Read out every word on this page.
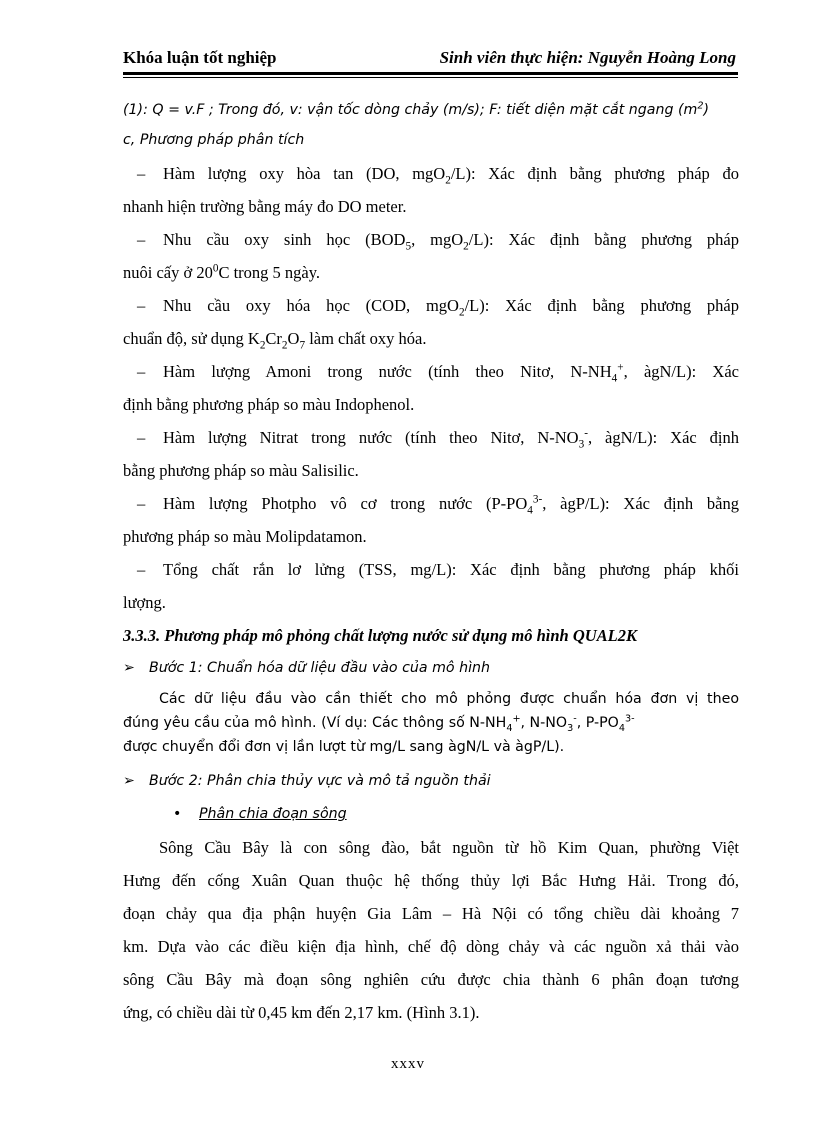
Khóa luận tốt nghiệp	Sinh viên thực hiện: Nguyễn Hoàng Long

(1): Q = v.F ; Trong đó, v: vận tốc dòng chảy (m/s); F: tiết diện mặt cắt ngang $(m^2)$

c, Phương pháp phân tích

– Hàm lượng oxy hòa tan (DO, mgO$_2$/L): Xác định bằng phương pháp đo

nhanh hiện trường bằng máy đo DO meter.

– Nhu cầu oxy sinh học ($BOD_5$, mgO$_2$/L): Xác định bằng phương pháp

nuôi cấy ở $20^0C$ trong 5 ngày.

– Nhu cầu oxy hóa học (COD, mgO$_2$/L): Xác định bằng phương pháp

chuẩn độ, sử dụng $K_2Cr_2O_7$ làm chất oxy hóa.

– Hàm lượng Amoni trong nước (tính theo Nitơ, $N-NH_4^+$, àgN/L): Xác

định bằng phương pháp so màu Indophenol.

– Hàm lượng Nitrat trong nước (tính theo Nitơ, $N-NO_3^-$, àgN/L): Xác định

bằng phương pháp so màu Salisilic.

– Hàm lượng Photpho vô cơ trong nước ($P-PO_4^{3-}$, àgP/L): Xác định bằng

phương pháp so màu Molipdatamon.

– Tổng chất rắn lơ lửng (TSS, mg/L): Xác định bằng phương pháp khối

lượng.

3.3.3. Phương pháp mô phỏng chất lượng nước sử dụng mô hình QUAL2K

➢ Bước 1: Chuẩn hóa dữ liệu đầu vào của mô hình

Các dữ liệu đầu vào cần thiết cho mô phỏng được chuẩn hóa đơn vị theo

đúng yêu cầu của mô hình. (Ví dụ: Các thông số $N-NH_4^+$, $N-NO_3^-$, $P-PO_4^{3-}$

được chuyển đổi đơn vị lần lượt từ mg/L sang àgN/L và àgP/L).

➢ Bước 2: Phân chia thủy vực và mô tả nguồn thải

• Phân chia đoạn sông

Sông Cầu Bây là con sông đào, bắt nguồn từ hồ Kim Quan, phường Việt

Hưng đến cống Xuân Quan thuộc hệ thống thủy lợi Bắc Hưng Hải. Trong đó,

đoạn chảy qua địa phận huyện Gia Lâm – Hà Nội có tổng chiều dài khoảng 7

km. Dựa vào các điều kiện địa hình, chế độ dòng chảy và các nguồn xả thải vào

sông Cầu Bây mà đoạn sông nghiên cứu được chia thành 6 phân đoạn tương

ứng, có chiều dài từ 0,45 km đến 2,17 km. (Hình 3.1).

xxxv
